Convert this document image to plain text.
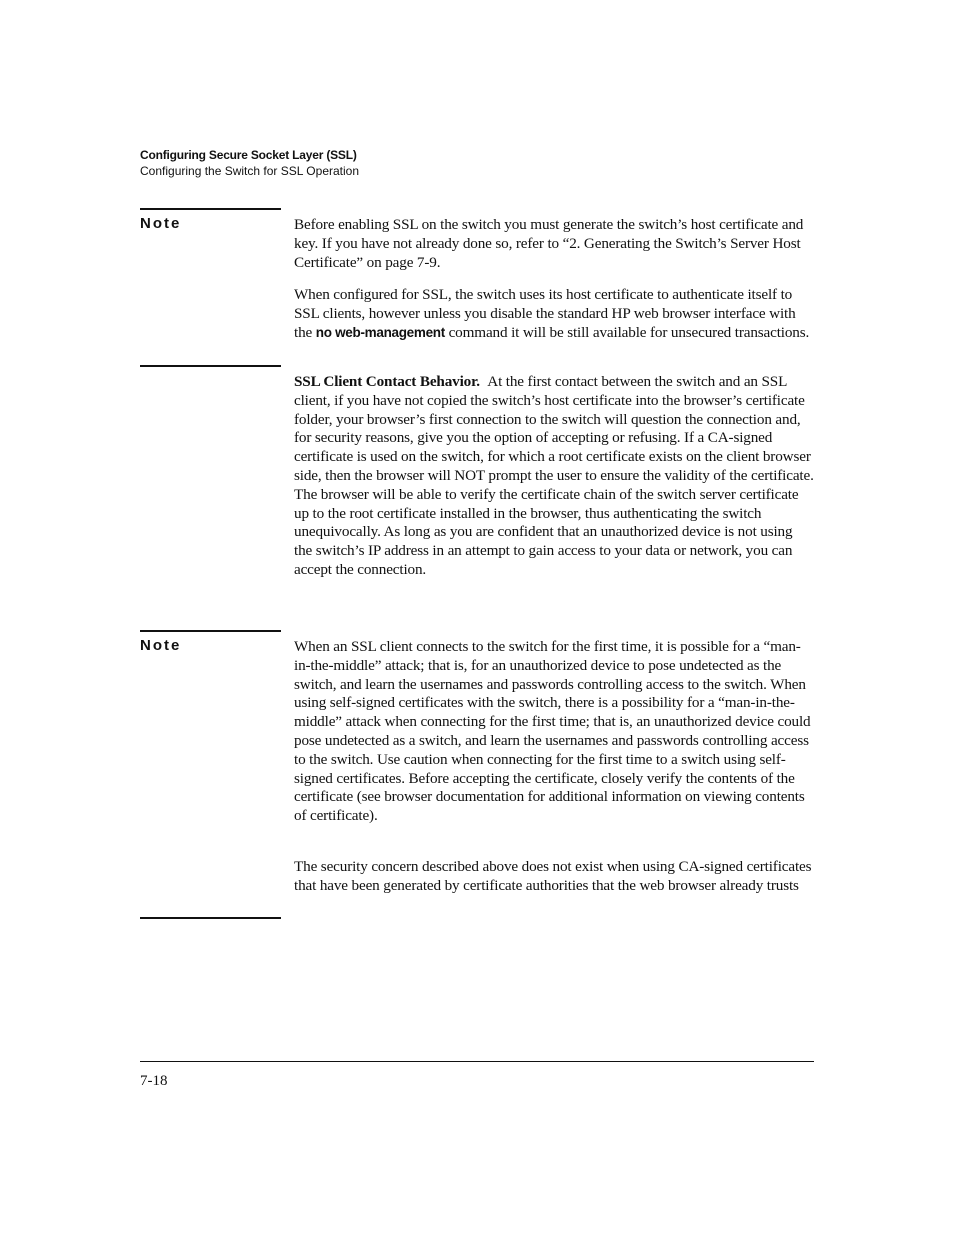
Configuring Secure Socket Layer (SSL)
Configuring the Switch for SSL Operation
Note	Before enabling SSL on the switch you must generate the switch’s host certificate and key. If you have not already done so, refer to “2. Generating the Switch’s Server Host Certificate” on page 7-9.

When configured for SSL, the switch uses its host certificate to authenticate itself to SSL clients, however unless you disable the standard HP web browser interface with the no web-management command it will be still available for unsecured transactions.

SSL Client Contact Behavior. At the first contact between the switch and an SSL client, if you have not copied the switch’s host certificate into the browser’s certificate folder, your browser’s first connection to the switch will question the connection and, for security reasons, give you the option of accepting or refusing. If a CA-signed certificate is used on the switch, for which a root certificate exists on the client browser side, then the browser will NOT prompt the user to ensure the validity of the certificate. The browser will be able to verify the certificate chain of the switch server certificate up to the root certificate installed in the browser, thus authenticating the switch unequivocally. As long as you are confident that an unauthorized device is not using the switch’s IP address in an attempt to gain access to your data or network, you can accept the connection.

Note	When an SSL client connects to the switch for the first time, it is possible for a “man-in-the-middle” attack; that is, for an unauthorized device to pose undetected as the switch, and learn the usernames and passwords controlling access to the switch. When using self-signed certificates with the switch, there is a possibility for a “man-in-the-middle” attack when connecting for the first time; that is, an unauthorized device could pose undetected as a switch, and learn the usernames and passwords controlling access to the switch. Use caution when connecting for the first time to a switch using self-signed certificates. Before accepting the certificate, closely verify the contents of the certificate (see browser documentation for additional information on viewing contents of certificate).

The security concern described above does not exist when using CA-signed certificates that have been generated by certificate authorities that the web browser already trusts

7-18
